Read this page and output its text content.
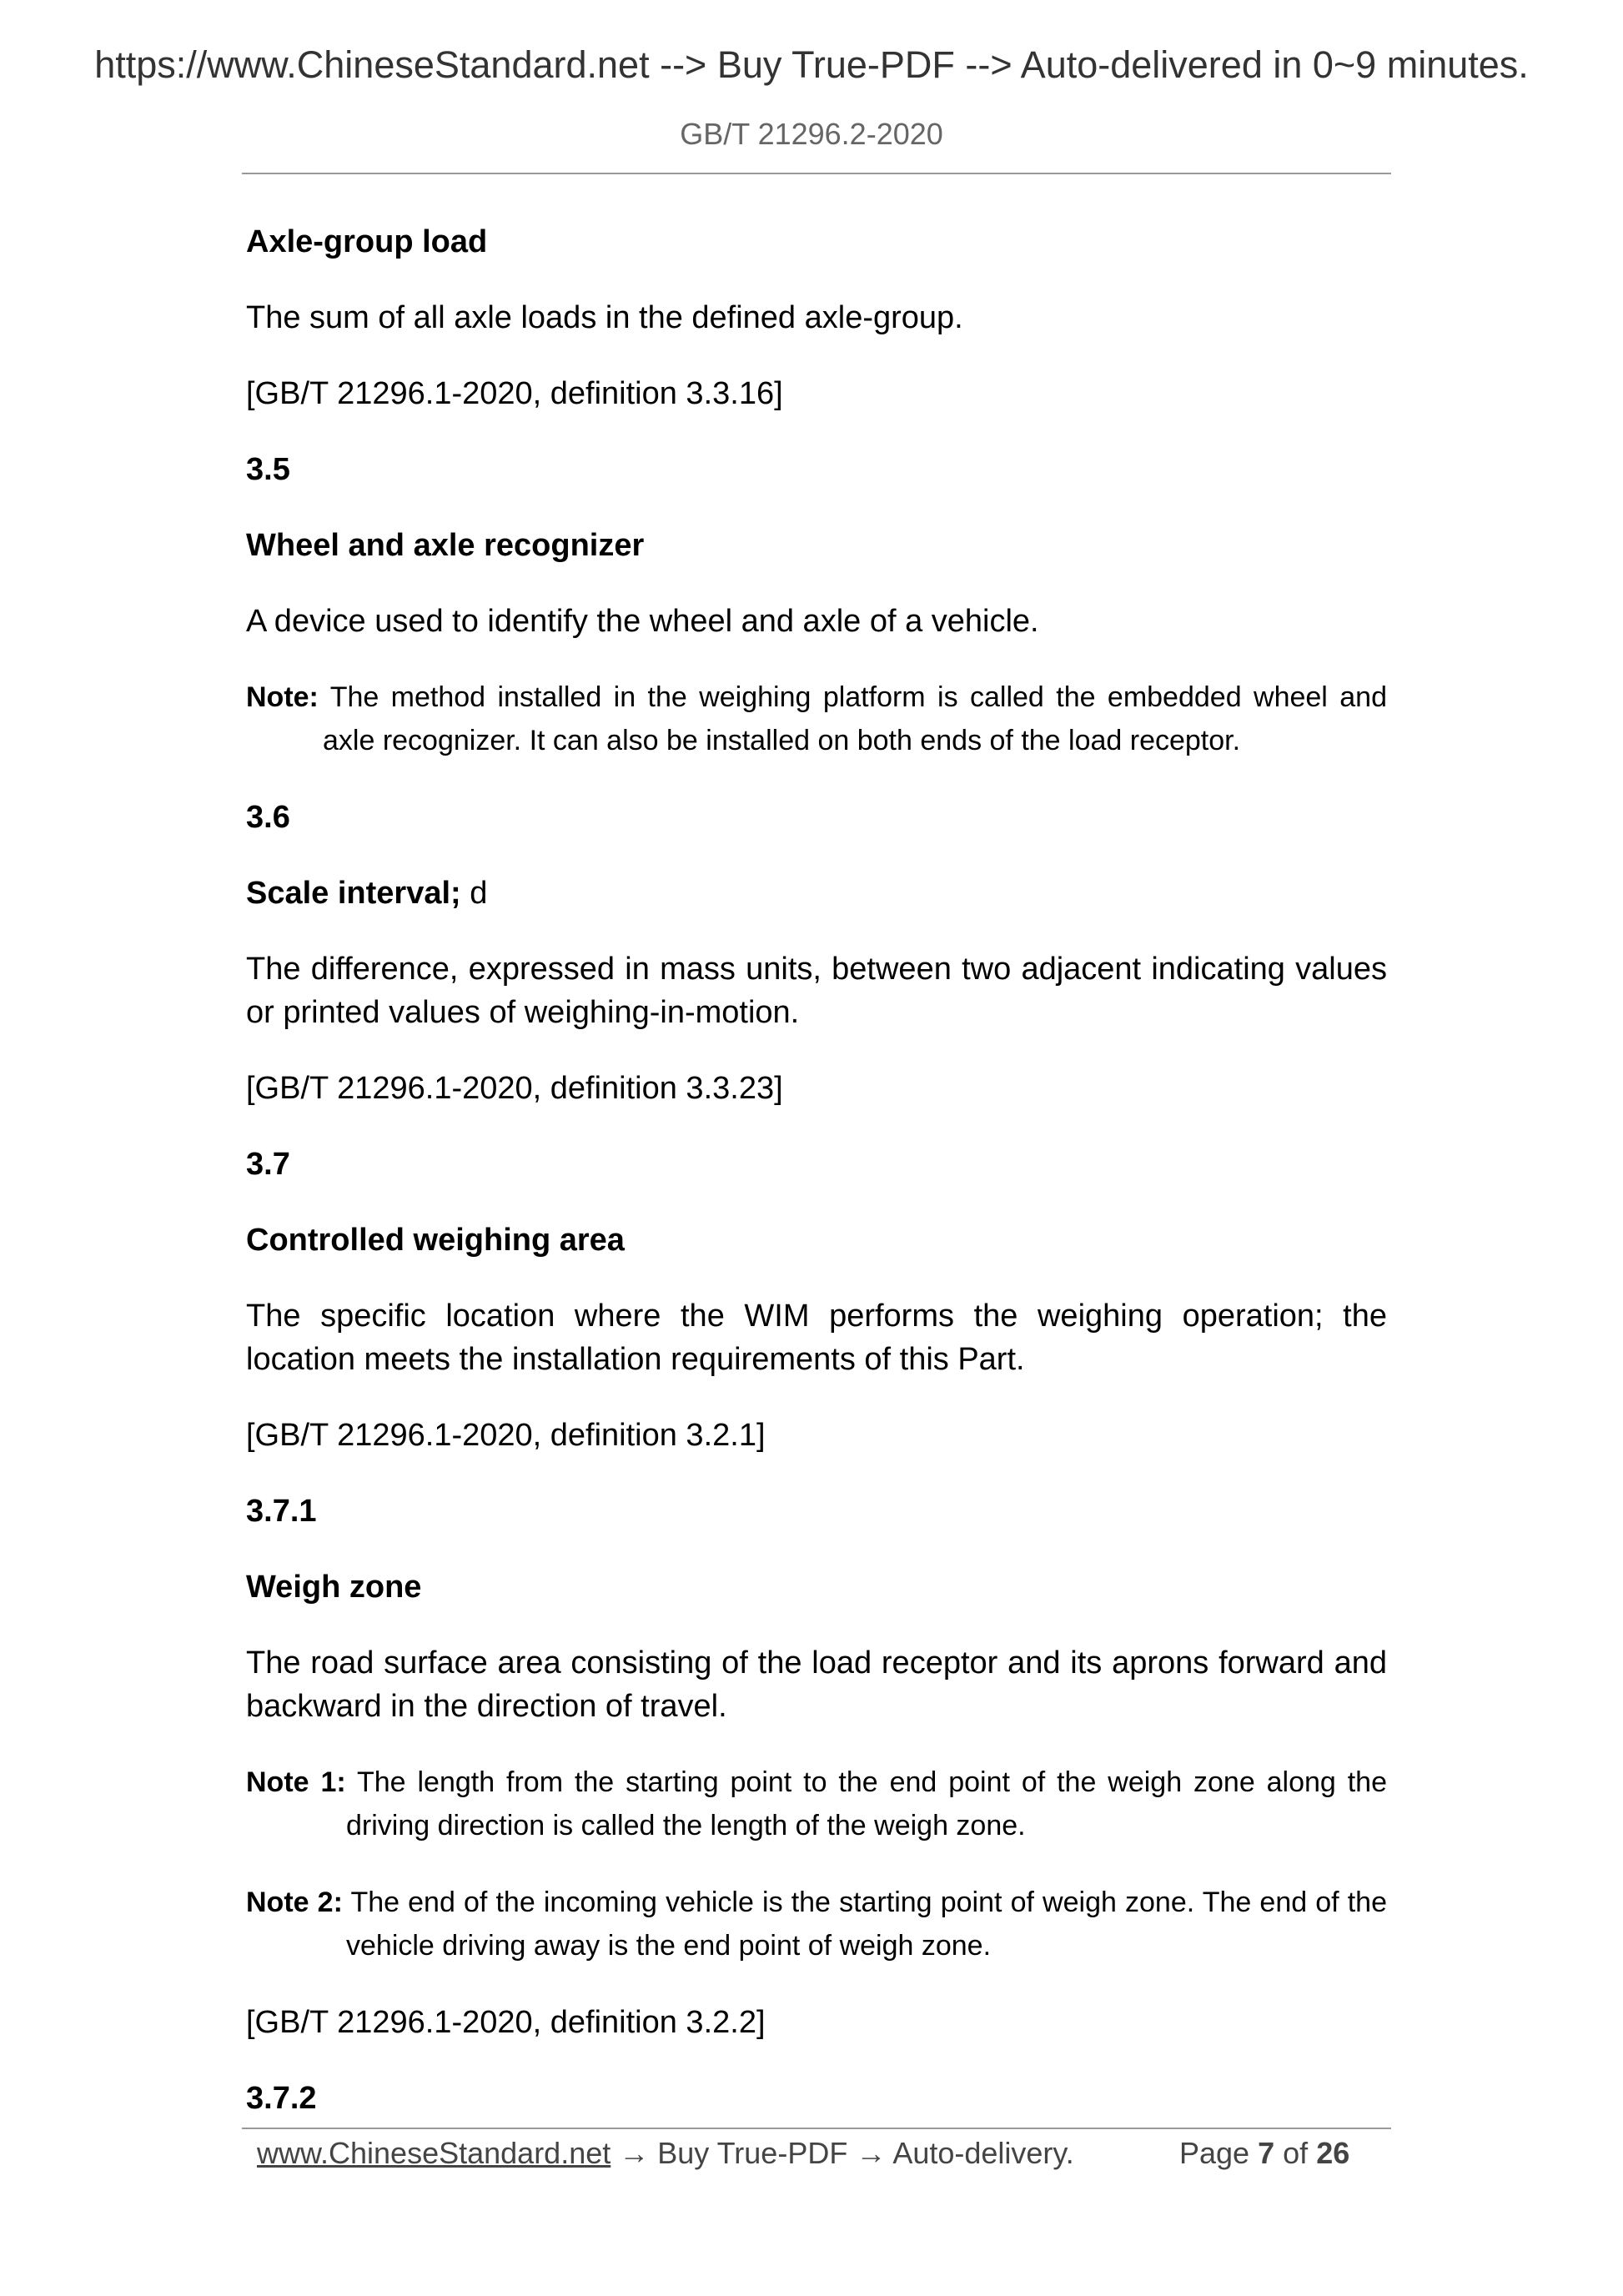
https://www.ChineseStandard.net --> Buy True-PDF --> Auto-delivered in 0~9 minutes.
GB/T 21296.2-2020
Axle-group load
The sum of all axle loads in the defined axle-group.
[GB/T 21296.1-2020, definition 3.3.16]
3.5
Wheel and axle recognizer
A device used to identify the wheel and axle of a vehicle.
Note: The method installed in the weighing platform is called the embedded wheel and axle recognizer. It can also be installed on both ends of the load receptor.
3.6
Scale interval; d
The difference, expressed in mass units, between two adjacent indicating values or printed values of weighing-in-motion.
[GB/T 21296.1-2020, definition 3.3.23]
3.7
Controlled weighing area
The specific location where the WIM performs the weighing operation; the location meets the installation requirements of this Part.
[GB/T 21296.1-2020, definition 3.2.1]
3.7.1
Weigh zone
The road surface area consisting of the load receptor and its aprons forward and backward in the direction of travel.
Note 1: The length from the starting point to the end point of the weigh zone along the driving direction is called the length of the weigh zone.
Note 2: The end of the incoming vehicle is the starting point of weigh zone. The end of the vehicle driving away is the end point of weigh zone.
[GB/T 21296.1-2020, definition 3.2.2]
3.7.2
www.ChineseStandard.net → Buy True-PDF → Auto-delivery.	Page 7 of 26
